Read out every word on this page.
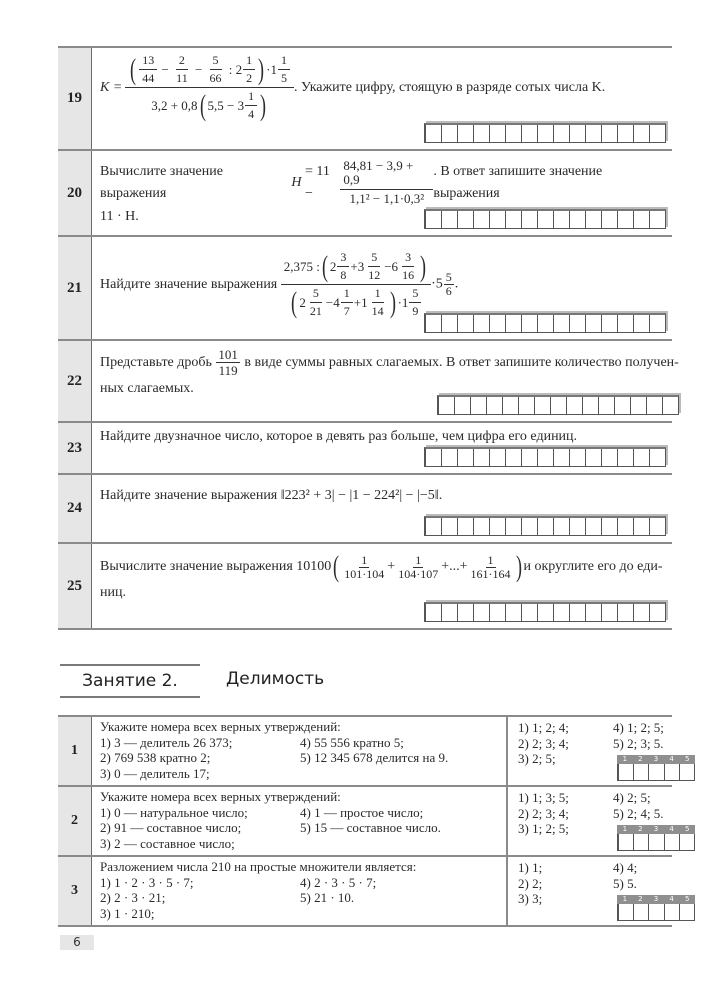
19
K =
( $\frac{13}{44} - \frac{2}{11} - \frac{5}{66}$ : $2 \frac{1}{2}$ ) $\cdot 1 \frac{1}{5}$
3,2 + 0,8 ( $5,5 - 3 \frac{1}{4}$ )
. Укажите цифру, стоящую в разряде сотых числа K.
20
Вычислите значение выражения

H

= 11 −	$\frac{84,81 - 3,9 + 0,9}{\text{1,1² − 1,1·0,3²}}$ . В ответ запишите значение выражения
11 · H.
21	Найдите значение выражения
$\frac{2,375 : ( 2 \frac{3}{8} +3 \frac{5}{12} -6 \frac{3}{16} )}{( 2 \frac{5}{21} -4 \frac{1}{7} +1 \frac{1}{14} ) \cdot 1 \frac{5}{9}} \cdot 5 \frac{5}{6}$ .
22
Представьте дробь
$\frac{101}{119}$
в виде суммы равных слагаемых. В ответ запишите количество получен-
ных слагаемых.
23
Найдите двузначное число, которое в девять раз больше, чем цифра его единиц.
24
Найдите значение выражения ‖223² + 3| − |1 − 224²| − |−5‖.
25
Вычислите значение выражения 10100 ( $\frac{1}{101\cdot 104} + \frac{1}{104\cdot 107}$ +...+ $\frac{1}{161\cdot 164}$ ) и округлите его до еди-
ниц.
Занятие 2.	Делимость
1
Укажите номера всех верных утверждений:
1) 3 — делитель 26 373;	4) 55 556 кратно 5;
2) 769 538 кратно 2;	5) 12 345 678 делится на 9.
3) 0 — делитель 17;
1) 1; 2; 4;	4) 1; 2; 5;
2) 2; 3; 4;	5) 2; 3; 5.
3) 2; 5;	1	2	3	4	5
2
Укажите номера всех верных утверждений:
1) 0 — натуральное число;	4) 1 — простое число;
2) 91 — составное число;	5) 15 — составное число.
3) 2 — составное число;
1) 1; 3; 5;	4) 2; 5;
2) 2; 3; 4;	5) 2; 4; 5.
3) 1; 2; 5;	1	2	3	4	5
3
Разложением числа 210 на простые множители является:
1) 1 · 2 · 3 · 5 · 7;	4) 2 · 3 · 5 · 7;
2) 2 · 3 · 21;	5) 21 · 10.
3) 1 · 210;
1) 1;	4) 4;
2) 2;	5) 5.
3) 3;	1	2	3	4	5
6
